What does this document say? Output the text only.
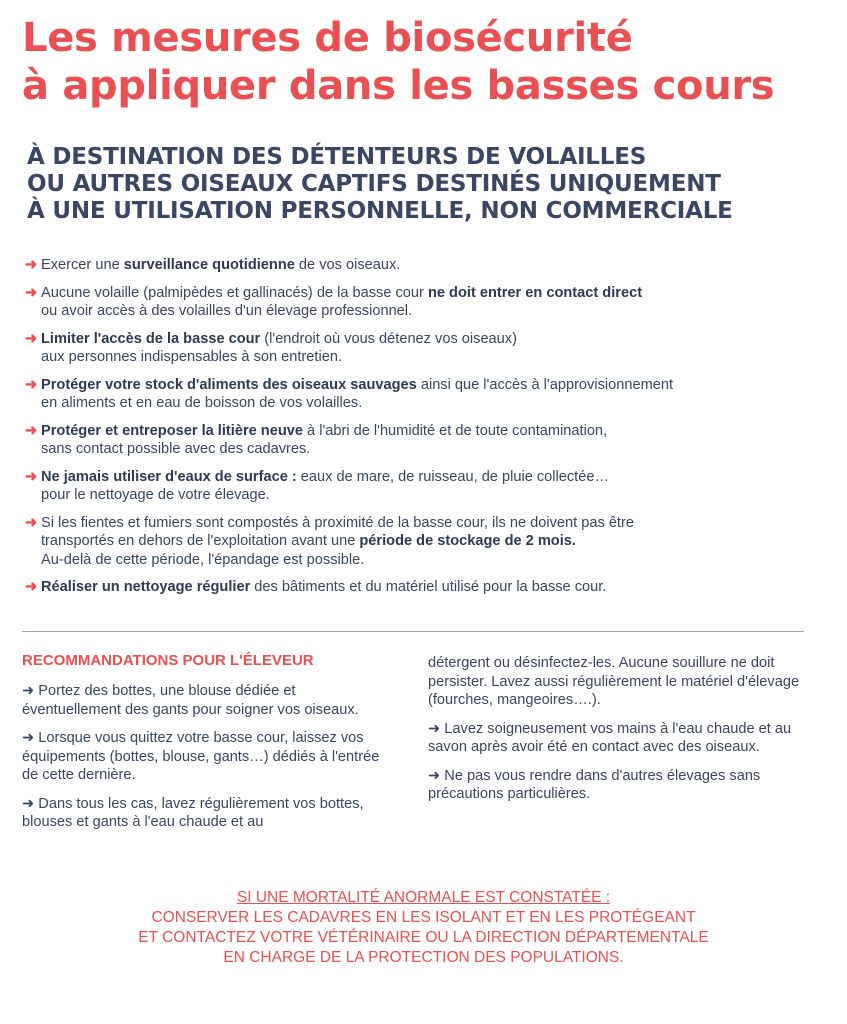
Les mesures de biosécurité
à appliquer dans les basses cours
À DESTINATION DES DÉTENTEURS DE VOLAILLES
OU AUTRES OISEAUX CAPTIFS DESTINÉS UNIQUEMENT
À UNE UTILISATION PERSONNELLE, NON COMMERCIALE
➜ Exercer une surveillance quotidienne de vos oiseaux.
➜ Aucune volaille (palmipèdes et gallinacés) de la basse cour ne doit entrer en contact direct
ou avoir accès à des volailles d'un élevage professionnel.
➜ Limiter l'accès de la basse cour (l'endroit où vous détenez vos oiseaux)
aux personnes indispensables à son entretien.
➜ Protéger votre stock d'aliments des oiseaux sauvages ainsi que l'accès à l'approvisionnement
en aliments et en eau de boisson de vos volailles.
➜ Protéger et entreposer la litière neuve à l'abri de l'humidité et de toute contamination,
sans contact possible avec des cadavres.
➜ Ne jamais utiliser d'eaux de surface : eaux de mare, de ruisseau, de pluie collectée…
pour le nettoyage de votre élevage.
➜ Si les fientes et fumiers sont compostés à proximité de la basse cour, ils ne doivent pas être
transportés en dehors de l'exploitation avant une période de stockage de 2 mois.
Au-delà de cette période, l'épandage est possible.
➜ Réaliser un nettoyage régulier des bâtiments et du matériel utilisé pour la basse cour.
RECOMMANDATIONS POUR L'ÉLEVEUR

➜ Portez des bottes, une blouse dédiée et éventuellement des gants pour soigner vos oiseaux.

➜ Lorsque vous quittez votre basse cour, laissez vos équipements (bottes, blouse, gants…) dédiés à l'entrée de cette dernière.

➜ Dans tous les cas, lavez régulièrement vos bottes, blouses et gants à l'eau chaude et au

détergent ou désinfectez-les. Aucune souillure ne doit persister. Lavez aussi régulièrement le matériel d'élevage (fourches, mangeoires….).

➜ Lavez soigneusement vos mains à l'eau chaude et au savon après avoir été en contact avec des oiseaux.

➜ Ne pas vous rendre dans d'autres élevages sans précautions particulières.

SI UNE MORTALITÉ ANORMALE EST CONSTATÉE :
CONSERVER LES CADAVRES EN LES ISOLANT ET EN LES PROTÉGEANT
ET CONTACTEZ VOTRE VÉTÉRINAIRE OU LA DIRECTION DÉPARTEMENTALE
EN CHARGE DE LA PROTECTION DES POPULATIONS.
